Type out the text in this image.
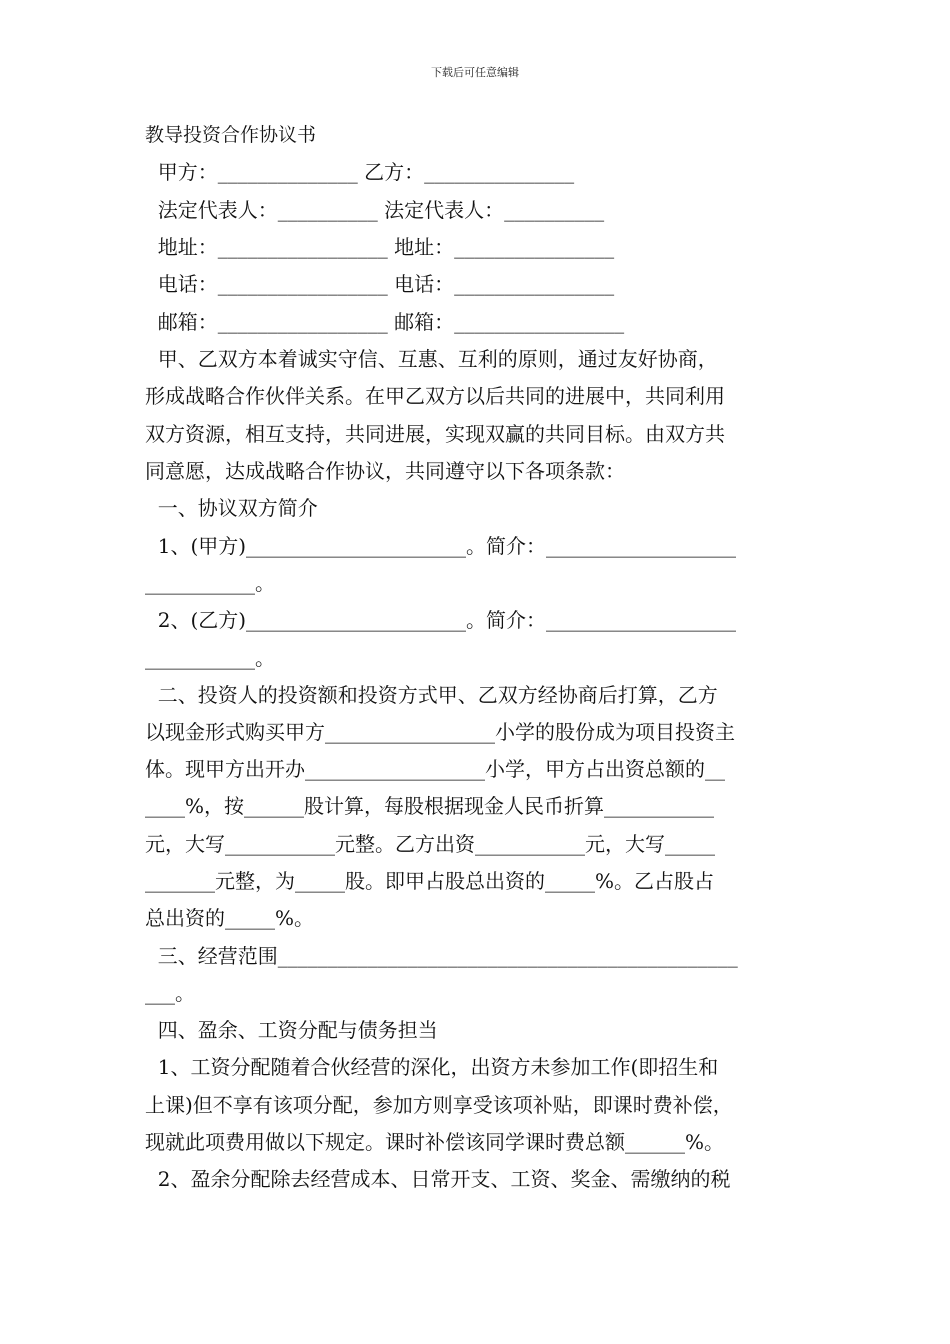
下载后可任意编辑
教导投资合作协议书
甲方：______________ 乙方：_______________
法定代表人：__________ 法定代表人：__________
地址：_________________ 地址：________________
电话：_________________ 电话：________________
邮箱：_________________ 邮箱：_________________
甲、乙双方本着诚实守信、互惠、互利的原则，通过友好协商，
形成战略合作伙伴关系。在甲乙双方以后共同的进展中，共同利用
双方资源，相互支持，共同进展，实现双赢的共同目标。由双方共
同意愿，达成战略合作协议，共同遵守以下各项条款：
一、协议双方简介
1、(甲方)______________________。简介：___________________
___________。
2、(乙方)______________________。简介：___________________
___________。
二、投资人的投资额和投资方式甲、乙双方经协商后打算，乙方
以现金形式购买甲方_________________小学的股份成为项目投资主
体。现甲方出开办__________________小学，甲方占出资总额的__
____%，按______股计算，每股根据现金人民币折算___________
元，大写___________元整。乙方出资___________元，大写_____
_______元整，为_____股。即甲占股总出资的_____%。乙占股占
总出资的_____%。
三、经营范围______________________________________________
___。
四、盈余、工资分配与债务担当
1、工资分配随着合伙经营的深化，出资方未参加工作(即招生和
上课)但不享有该项分配，参加方则享受该项补贴，即课时费补偿，
现就此项费用做以下规定。课时补偿该同学课时费总额______%。
2、盈余分配除去经营成本、日常开支、工资、奖金、需缴纳的税
